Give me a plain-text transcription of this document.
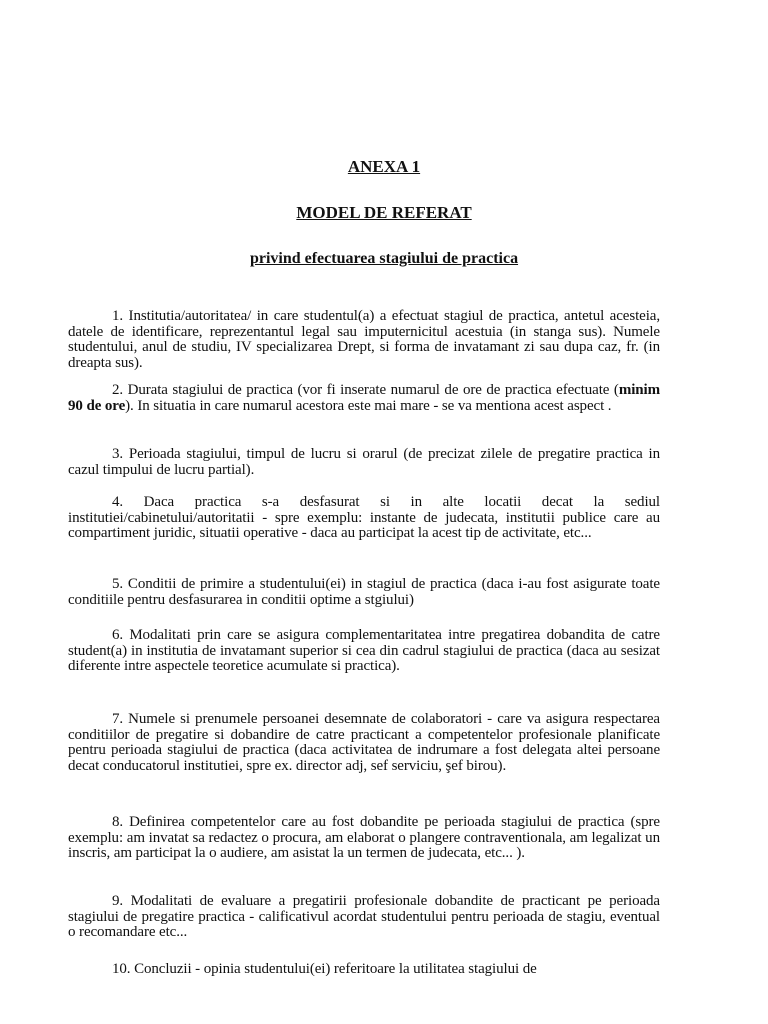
ANEXA 1
MODEL DE REFERAT
privind efectuarea stagiului de practica
1. Institutia/autoritatea/ in care studentul(a) a efectuat stagiul de practica, antetul acesteia, datele de identificare, reprezentantul legal sau imputernicitul acestuia (in stanga sus). Numele studentului, anul de studiu, IV specializarea Drept, si forma de invatamant zi sau dupa caz, fr. (in dreapta sus).
2. Durata stagiului de practica (vor fi inserate numarul de ore de practica efectuate (minim 90 de ore). In situatia in care numarul acestora este mai mare - se va mentiona acest aspect .
3. Perioada stagiului, timpul de lucru si orarul (de precizat zilele de pregatire practica in cazul timpului de lucru partial).
4. Daca practica s-a desfasurat si in alte locatii decat la sediul institutiei/cabinetului/autoritatii - spre exemplu: instante de judecata, institutii publice care au compartiment juridic, situatii operative - daca au participat la acest tip de activitate, etc...
5. Conditii de primire a studentului(ei) in stagiul de practica (daca i-au fost asigurate toate conditiile pentru desfasurarea in conditii optime a stgiului)
6. Modalitati prin care se asigura complementaritatea intre pregatirea dobandita de catre student(a) in institutia de invatamant superior si cea din cadrul stagiului de practica (daca au sesizat diferente intre aspectele teoretice acumulate si practica).
7. Numele si prenumele persoanei desemnate de colaboratori - care va asigura respectarea conditiilor de pregatire si dobandire de catre practicant a competentelor profesionale planificate pentru perioada stagiului de practica (daca activitatea de indrumare a fost delegata altei persoane decat conducatorul institutiei, spre ex. director adj, sef serviciu, şef birou).
8. Definirea competentelor care au fost dobandite pe perioada stagiului de practica (spre exemplu: am invatat sa redactez o procura, am elaborat o plangere contraventionala, am legalizat un inscris, am participat la o audiere, am asistat la un termen de judecata, etc... ).
9. Modalitati de evaluare a pregatirii profesionale dobandite de practicant pe perioada stagiului de pregatire practica - calificativul acordat studentului pentru perioada de stagiu, eventual o recomandare etc...
10. Concluzii - opinia studentului(ei) referitoare la utilitatea stagiului de
